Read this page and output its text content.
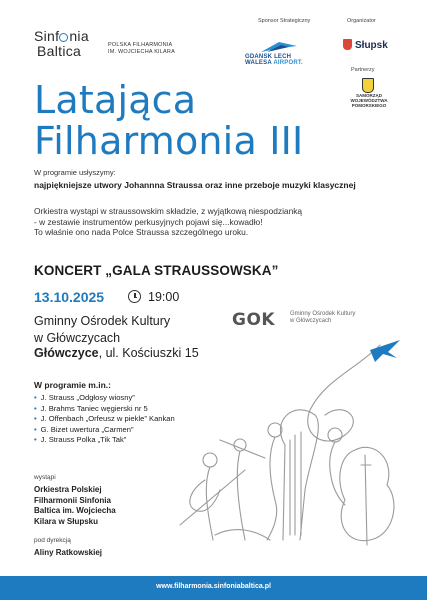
Sinf nia
Baltica	POLSKA FILHARMONIA
IM. WOJCIECHA KILARA
Sponsor Strategiczny
GDANSK LECH
WALESA AIRPORT.
Organizator
Słupsk
Partnerzy
SAMORZĄD
WOJEWÓDZTWA POMORSKIEGO
Latająca
Filharmonia III
W programie usłyszymy:
najpiękniejsze utwory Johannna Straussa oraz inne przeboje muzyki klasycznej
Orkiestra wystąpi w straussowskim składzie, z wyjątkową niespodzianką
- w zestawie instrumentów perkusyjnych pojawi się...kowadło!
To właśnie ono nada Polce Straussa szczególnego uroku.
KONCERT „GALA STRAUSSOWSKA”
13.10.2025	19:00
Gminny Ośrodek Kultury
w Główczycach
Główczyce, ul. Kościuszki 15
GOK Gminny Ośrodek Kultury
w Główczycach
W programie m.in.:
• J. Strauss „Odgłosy wiosny”
• J. Brahms Taniec węgierski nr 5
• J. Offenbach „Orfeusz w piekle” Kankan
• G. Bizet uwertura „Carmen”
• J. Strauss Polka „Tik Tak”
wystąpi
Orkiestra Polskiej
Filharmonii Sinfonia
Baltica im. Wojciecha
Kilara w Słupsku
pod dyrekcją
Aliny Ratkowskiej
www.filharmonia.sinfoniabaltica.pl
